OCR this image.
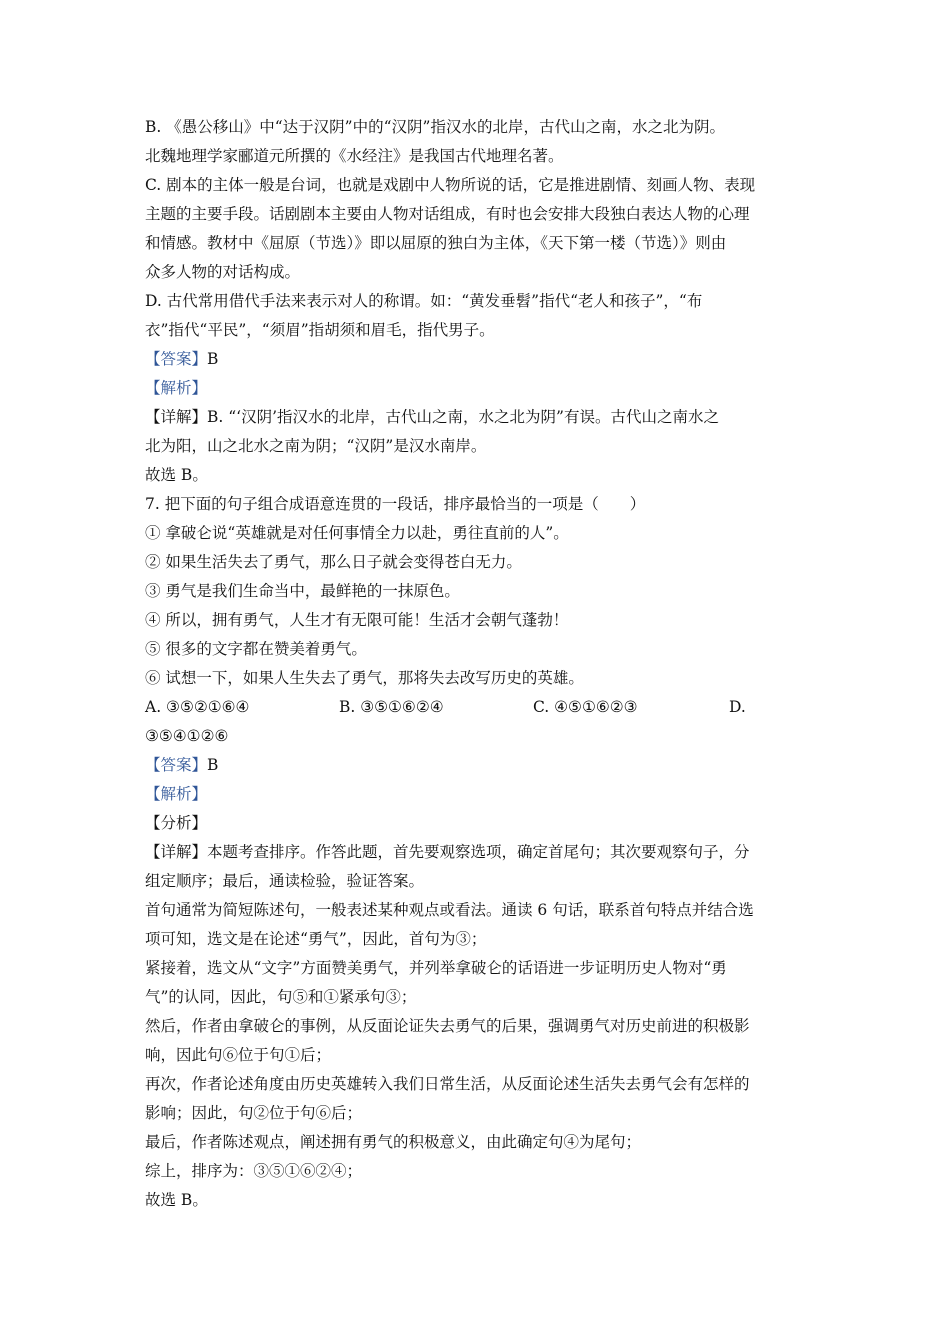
B. 《愚公移山》中“达于汉阴”中的“汉阴”指汉水的北岸，古代山之南，水之北为阴。

北魏地理学家郦道元所撰的《水经注》是我国古代地理名著。

C. 剧本的主体一般是台词，也就是戏剧中人物所说的话，它是推进剧情、刻画人物、表现

主题的主要手段。话剧剧本主要由人物对话组成，有时也会安排大段独白表达人物的心理

和情感。教材中《屈原（节选）》即以屈原的独白为主体，《天下第一楼（节选）》则由

众多人物的对话构成。

D. 古代常用借代手法来表示对人的称谓。如：“黄发垂髫”指代“老人和孩子”，“布

衣”指代“平民”，“须眉”指胡须和眉毛，指代男子。

【答案】B

【解析】

【详解】B. “‘汉阴’指汉水的北岸，古代山之南，水之北为阴”有误。古代山之南水之

北为阳，山之北水之南为阴；“汉阴”是汉水南岸。

故选 B。

7. 把下面的句子组合成语意连贯的一段话，排序最恰当的一项是（　　）

① 拿破仑说“英雄就是对任何事情全力以赴，勇往直前的人”。

② 如果生活失去了勇气，那么日子就会变得苍白无力。

③ 勇气是我们生命当中，最鲜艳的一抹原色。

④ 所以，拥有勇气，人生才有无限可能！生活才会朝气蓬勃！

⑤ 很多的文字都在赞美着勇气。

⑥ 试想一下，如果人生失去了勇气，那将失去改写历史的英雄。

A. ③⑤②①⑥④	B. ③⑤①⑥②④	C. ④⑤①⑥②③	D.

③⑤④①②⑥

【答案】B

【解析】

【分析】

【详解】本题考查排序。作答此题，首先要观察选项，确定首尾句；其次要观察句子，分

组定顺序；最后，通读检验，验证答案。

首句通常为简短陈述句，一般表述某种观点或看法。通读 6 句话，联系首句特点并结合选

项可知，选文是在论述“勇气”，因此，首句为③；

紧接着，选文从“文字”方面赞美勇气，并列举拿破仑的话语进一步证明历史人物对“勇

气”的认同，因此，句⑤和①紧承句③；

然后，作者由拿破仑的事例，从反面论证失去勇气的后果，强调勇气对历史前进的积极影

响，因此句⑥位于句①后；

再次，作者论述角度由历史英雄转入我们日常生活，从反面论述生活失去勇气会有怎样的

影响；因此，句②位于句⑥后；

最后，作者陈述观点，阐述拥有勇气的积极意义，由此确定句④为尾句；

综上，排序为：③⑤①⑥②④；

故选 B。
